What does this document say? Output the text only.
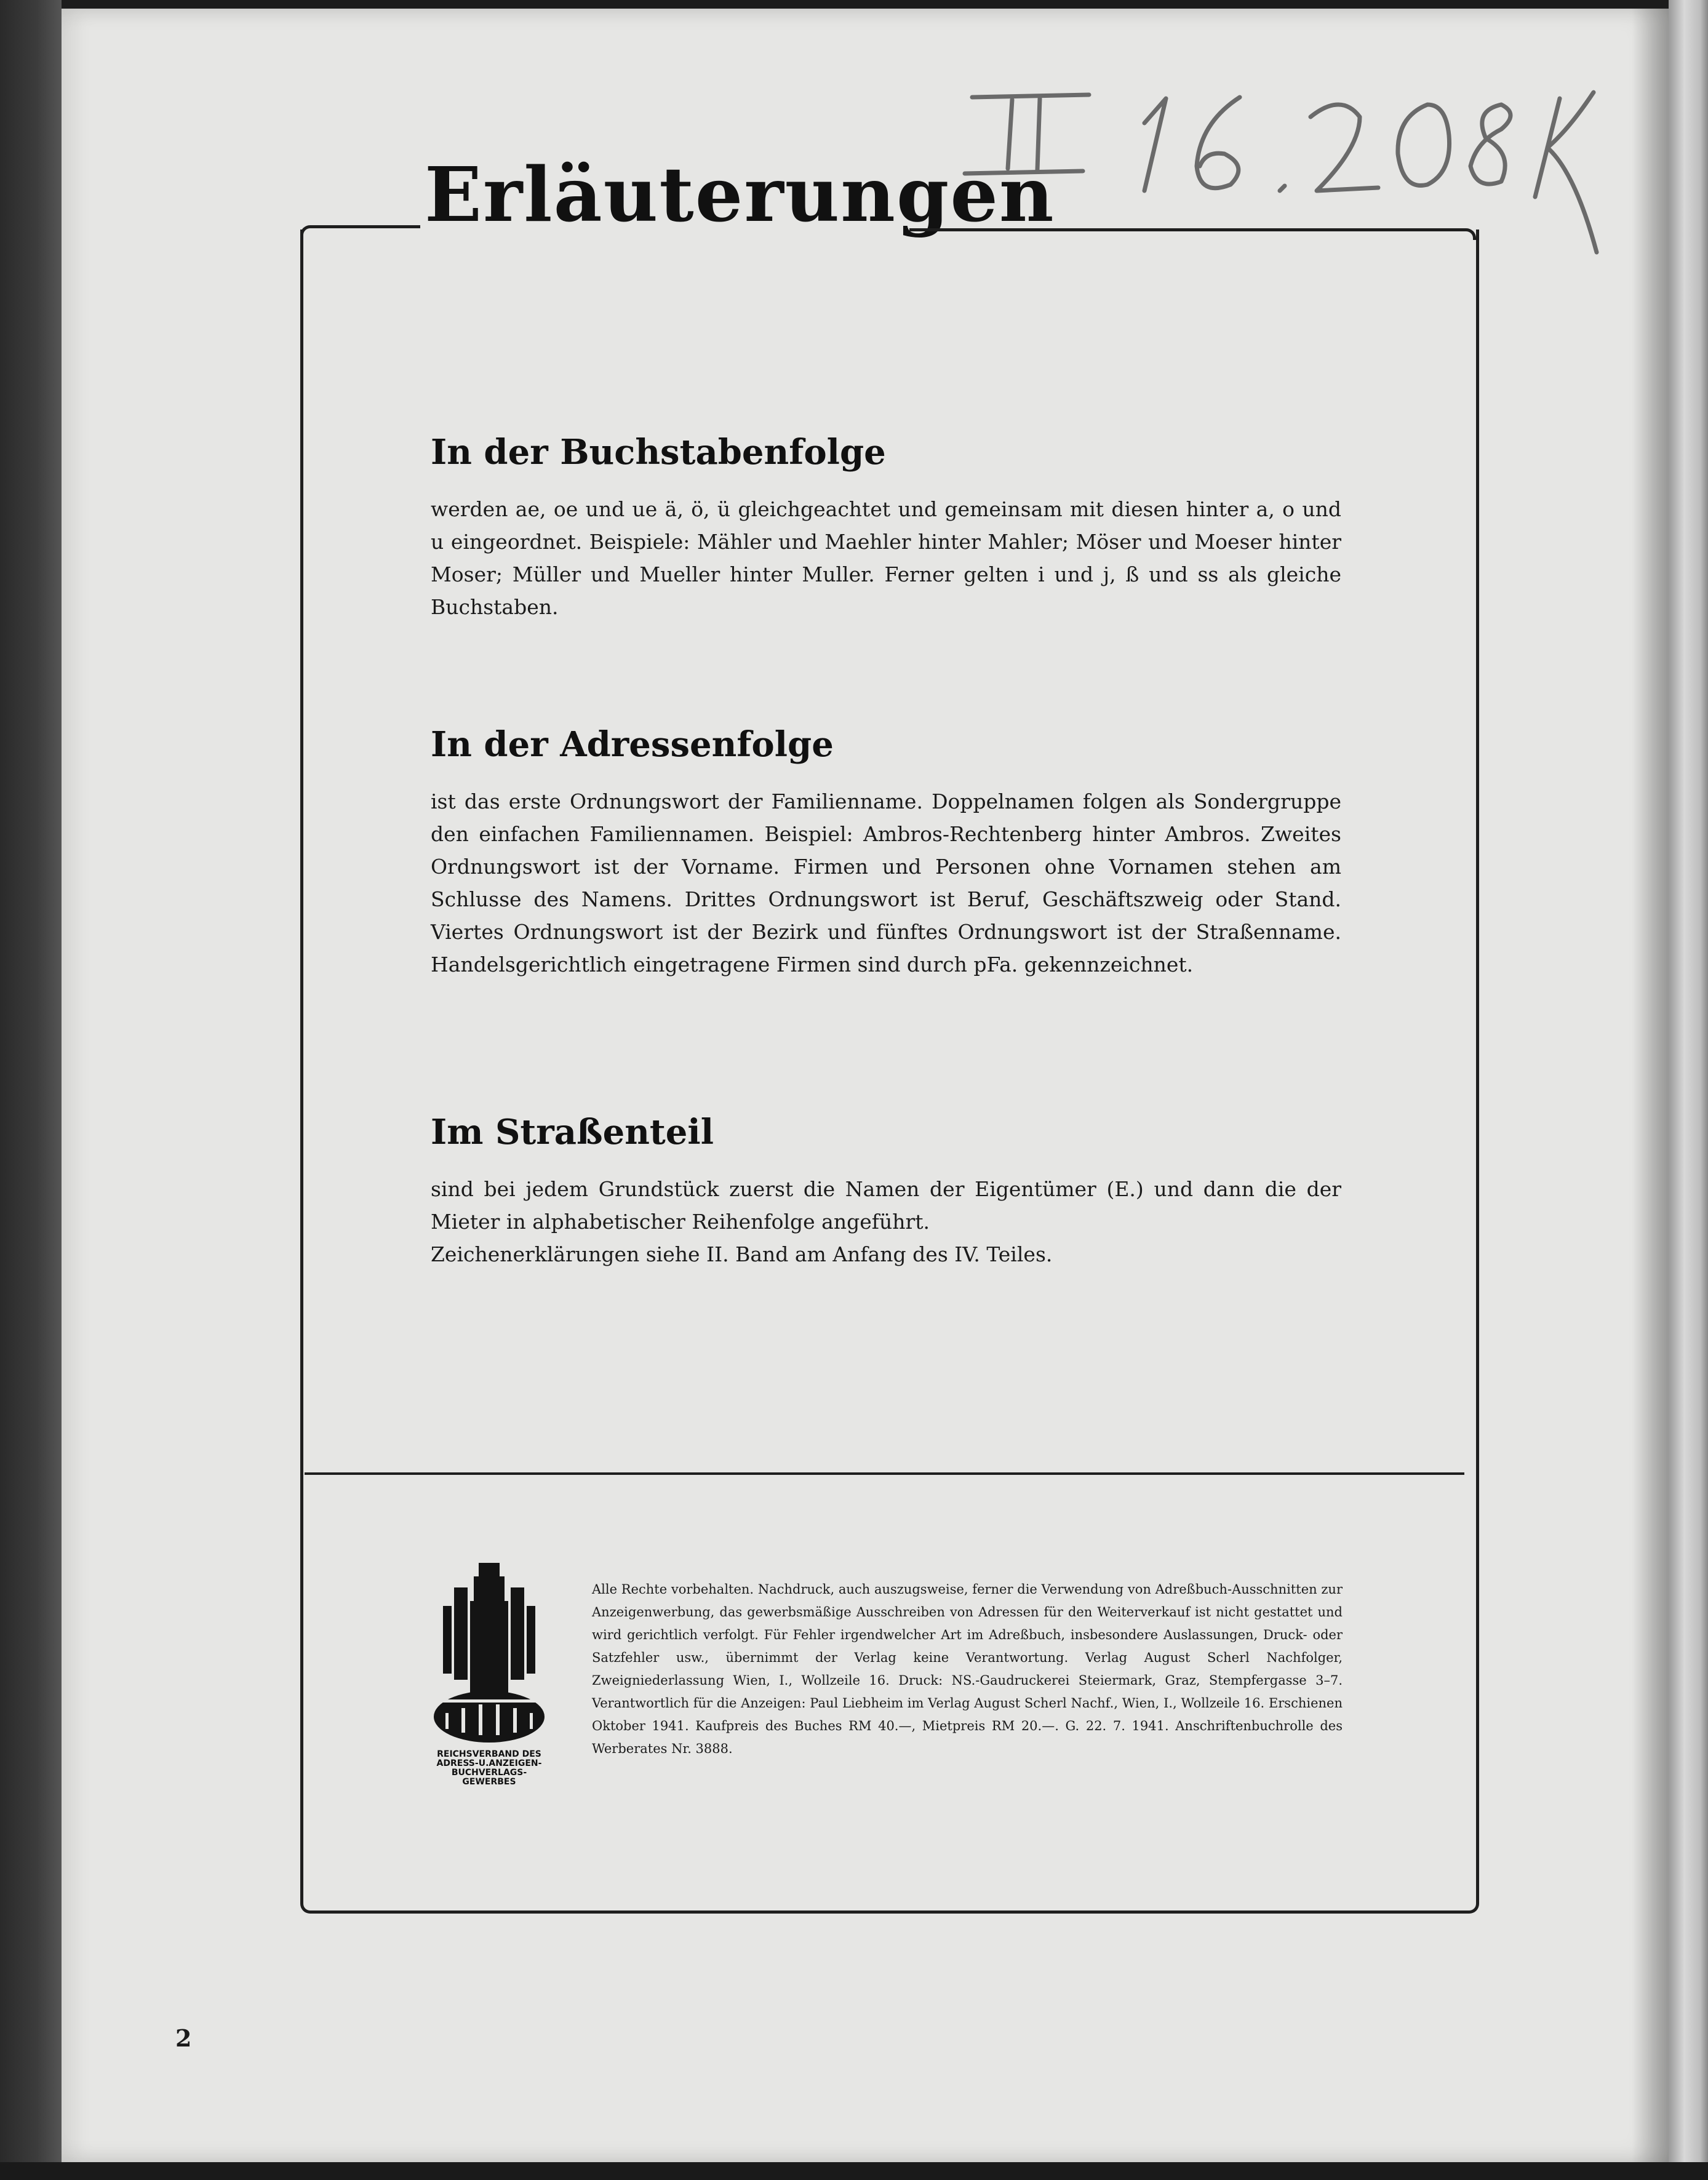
Erläuterungen
In der Buchstabenfolge

werden ae, oe und ue ä, ö, ü gleichgeachtet und gemeinsam mit diesen hinter a, o und u eingeordnet. Beispiele: Mähler und Maehler hinter Mahler; Möser und Moeser hinter Moser; Müller und Mueller hinter Muller. Ferner gelten i und j, ß und ss als gleiche Buchstaben.

In der Adressenfolge

ist das erste Ordnungswort der Familienname. Doppelnamen folgen als Sondergruppe den einfachen Familiennamen. Beispiel: Ambros-Rechtenberg hinter Ambros. Zweites Ordnungswort ist der Vorname. Firmen und Personen ohne Vornamen stehen am Schlusse des Namens. Drittes Ordnungswort ist Beruf, Geschäftszweig oder Stand. Viertes Ordnungswort ist der Bezirk und fünftes Ordnungswort ist der Straßenname. Handelsgerichtlich eingetragene Firmen sind durch pFa. gekennzeichnet.

Im Straßenteil

sind bei jedem Grundstück zuerst die Namen der Eigentümer (E.) und dann die der Mieter in alphabetischer Reihenfolge angeführt.

Zeichenerklärungen siehe II. Band am Anfang des IV. Teiles.

REICHSVERBAND DES
ADRESS-U.ANZEIGEN-
BUCHVERLAGS-
GEWERBES

Alle Rechte vorbehalten. Nachdruck, auch auszugsweise, ferner die Verwendung von Adreßbuch-Ausschnitten zur Anzeigenwerbung, das gewerbsmäßige Ausschreiben von Adressen für den Weiterverkauf ist nicht gestattet und wird gerichtlich verfolgt. Für Fehler irgendwelcher Art im Adreßbuch, insbesondere Auslassungen, Druck- oder Satzfehler usw., übernimmt der Verlag keine Verantwortung. Verlag August Scherl Nachfolger, Zweigniederlassung Wien, I., Wollzeile 16. Druck: NS.-Gaudruckerei Steiermark, Graz, Stempfergasse 3–7. Verantwortlich für die Anzeigen: Paul Liebheim im Verlag August Scherl Nachf., Wien, I., Wollzeile 16. Erschienen Oktober 1941. Kaufpreis des Buches RM 40.—, Mietpreis RM 20.—. G. 22. 7. 1941. Anschriftenbuchrolle des Werberates Nr. 3888.

2
